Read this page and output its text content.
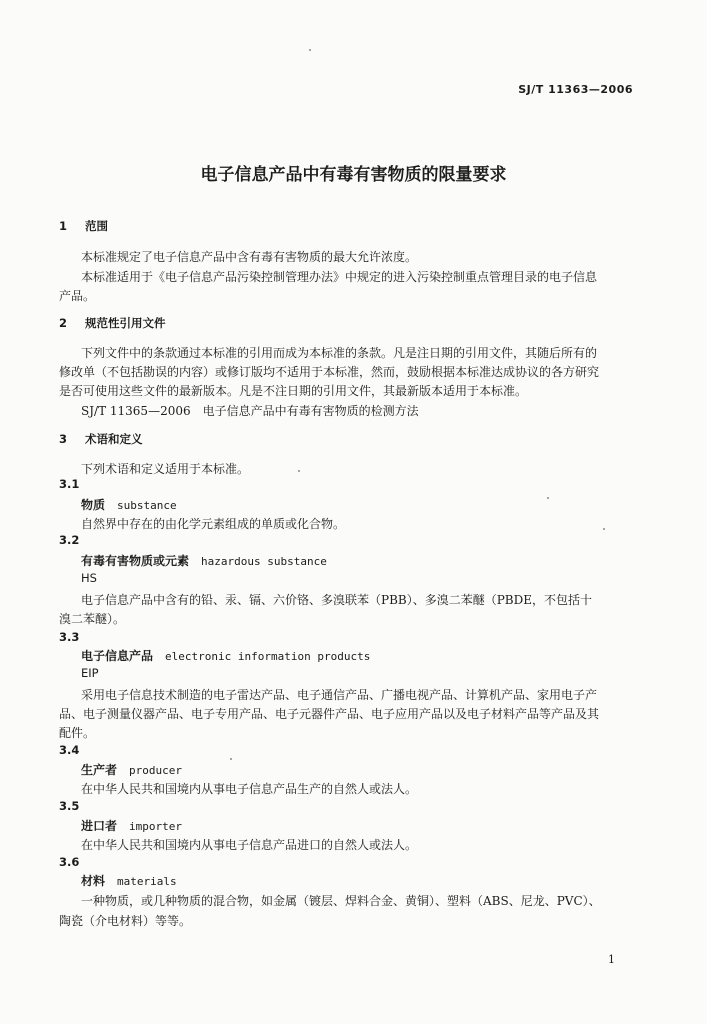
SJ/T 11363—2006
电子信息产品中有毒有害物质的限量要求
1 范围
本标准规定了电子信息产品中含有毒有害物质的最大允许浓度。
本标准适用于《电子信息产品污染控制管理办法》中规定的进入污染控制重点管理目录的电子信息
产品。
2 规范性引用文件
下列文件中的条款通过本标准的引用而成为本标准的条款。凡是注日期的引用文件，其随后所有的
修改单（不包括勘误的内容）或修订版均不适用于本标准，然而，鼓励根据本标准达成协议的各方研究
是否可使用这些文件的最新版本。凡是不注日期的引用文件，其最新版本适用于本标准。
SJ/T 11365—2006　电子信息产品中有毒有害物质的检测方法
3 术语和定义
下列术语和定义适用于本标准。
3.1
物质 substance
自然界中存在的由化学元素组成的单质或化合物。
3.2
有毒有害物质或元素 hazardous substance
HS
电子信息产品中含有的铅、汞、镉、六价铬、多溴联苯（PBB）、多溴二苯醚（PBDE，不包括十
溴二苯醚）。
3.3
电子信息产品 electronic information products
EIP
采用电子信息技术制造的电子雷达产品、电子通信产品、广播电视产品、计算机产品、家用电子产
品、电子测量仪器产品、电子专用产品、电子元器件产品、电子应用产品以及电子材料产品等产品及其
配件。
3.4
生产者 producer
在中华人民共和国境内从事电子信息产品生产的自然人或法人。
3.5
进口者 importer
在中华人民共和国境内从事电子信息产品进口的自然人或法人。
3.6
材料 materials
一种物质，或几种物质的混合物，如金属（镀层、焊料合金、黄铜）、塑料（ABS、尼龙、PVC）、
陶瓷（介电材料）等等。
1
